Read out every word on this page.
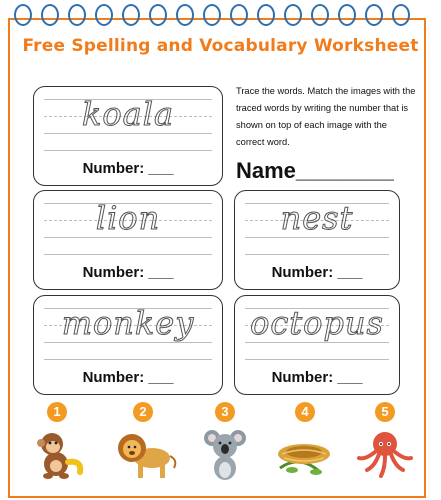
Free Spelling and Vocabulary Worksheet
koala
Number: ___
lion
Number: ___
nest
Number: ___
monkey
Number: ___
octopus
Number: ___
Trace the words. Match the images with the traced words by writing the number that is shown on top of each image with the correct word.
Name________
1	2	3	4	5
